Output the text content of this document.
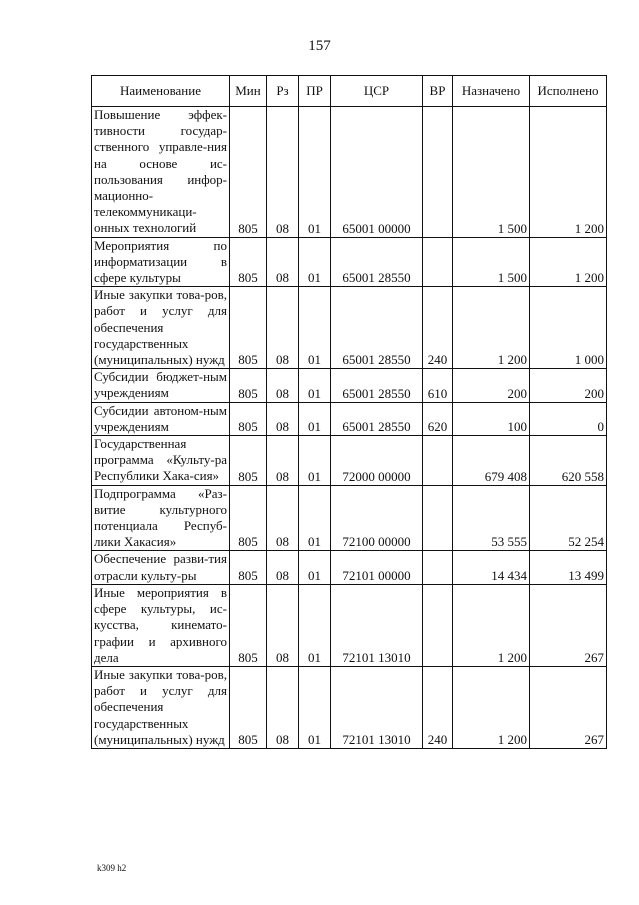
157
Наименование	Мин	Рз	ПР	ЦСР	ВР	Назначено	Исполнено
Повышение эффек-тивности государ-ственного управле-ния на основе ис-пользования инфор-мационно-телекоммуникаци-онных технологий	805	08	01	65001 00000		1 500	1 200
Мероприятия по информатизации в сфере культуры	805	08	01	65001 28550		1 500	1 200
Иные закупки това-ров, работ и услуг для обеспечения государственных (муниципальных) нужд	805	08	01	65001 28550	240	1 200	1 000
Субсидии бюджет-ным учреждениям	805	08	01	65001 28550	610	200	200
Субсидии автоном-ным учреждениям	805	08	01	65001 28550	620	100	0
Государственная программа «Культу-ра Республики Хака-сия»	805	08	01	72000 00000		679 408	620 558
Подпрограмма «Раз-витие культурного потенциала Респуб-лики Хакасия»	805	08	01	72100 00000		53 555	52 254
Обеспечение разви-тия отрасли культу-ры	805	08	01	72101 00000		14 434	13 499
Иные мероприятия в сфере культуры, ис-кусства, кинемато-графии и архивного дела	805	08	01	72101 13010		1 200	267
Иные закупки това-ров, работ и услуг для обеспечения государственных (муниципальных) нужд	805	08	01	72101 13010	240	1 200	267
k309 h2
